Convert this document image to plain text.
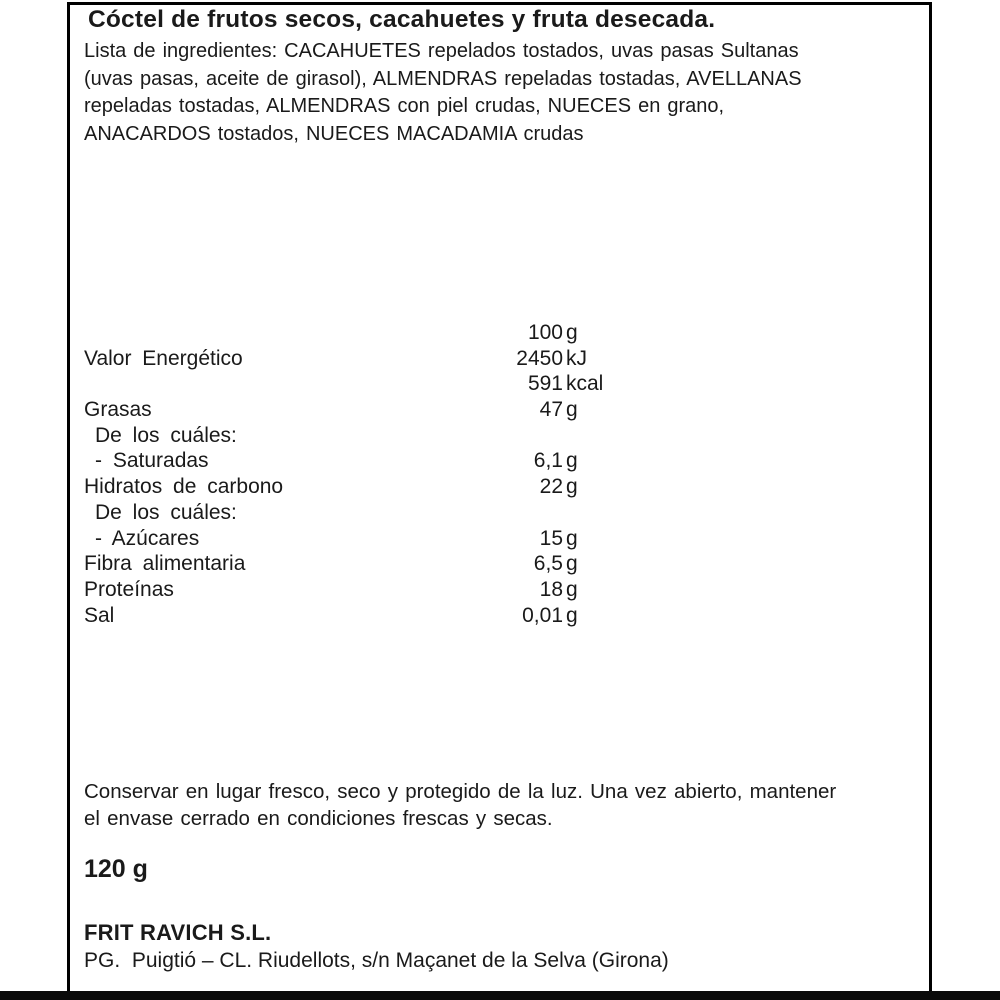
Cóctel de frutos secos, cacahuetes y fruta desecada.
Lista de ingredientes: CACAHUETES repelados tostados, uvas pasas Sultanas
(uvas pasas, aceite de girasol), ALMENDRAS repeladas tostadas, AVELLANAS
repeladas tostadas, ALMENDRAS con piel crudas, NUECES en grano,
ANACARDOS tostados, NUECES MACADAMIA crudas
100 g
Valor Energético	2450 kJ
591 kcal
Grasas	47 g
De los cuáles:
- Saturadas	6,1 g
Hidratos de carbono	22 g
De los cuáles:
- Azúcares	15 g
Fibra alimentaria	6,5 g
Proteínas	18 g
Sal	0,01 g
Conservar en lugar fresco, seco y protegido de la luz. Una vez abierto, mantener
el envase cerrado en condiciones frescas y secas.
120 g
FRIT RAVICH S.L.
PG.  Puigtió – CL. Riudellots, s/n Maçanet de la Selva (Girona)
